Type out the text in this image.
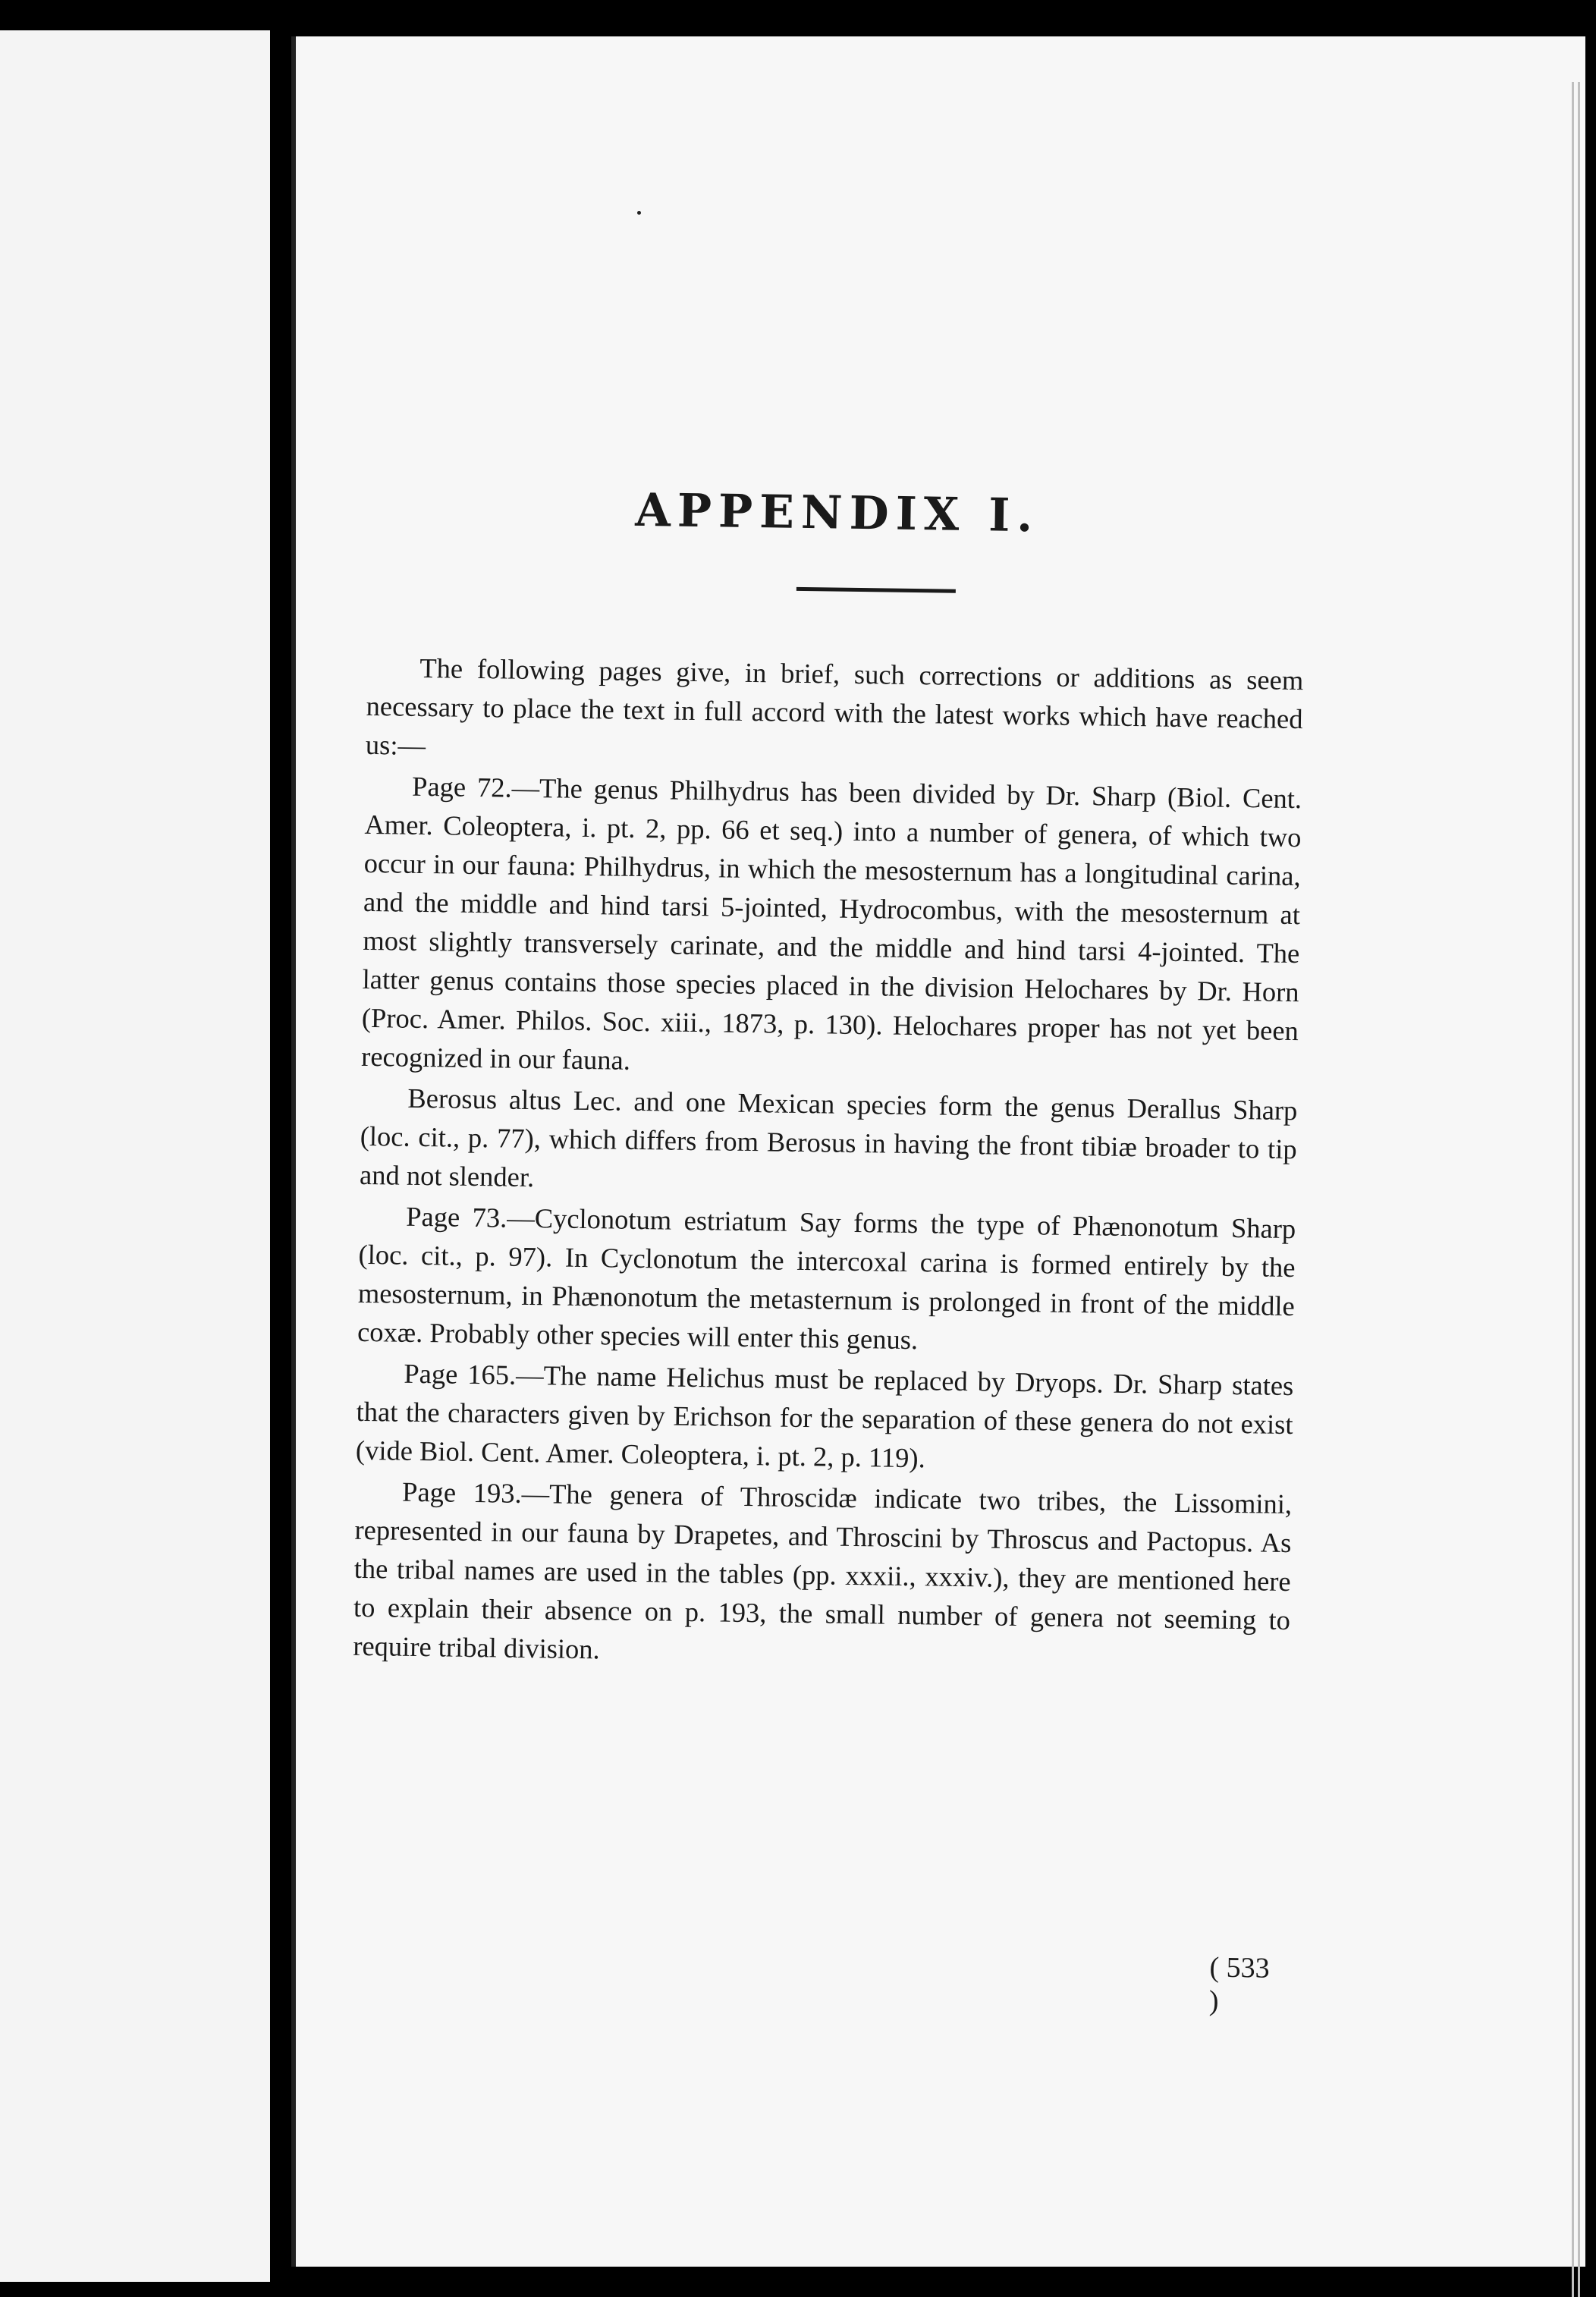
APPENDIX I.

The following pages give, in brief, such corrections or additions as seem necessary to place the text in full accord with the latest works which have reached us:—

Page 72.—The genus Philhydrus has been divided by Dr. Sharp (Biol. Cent. Amer. Coleoptera, i. pt. 2, pp. 66 et seq.) into a number of genera, of which two occur in our fauna: Philhydrus, in which the mesosternum has a longitudinal carina, and the middle and hind tarsi 5-jointed, Hydrocombus, with the mesosternum at most slightly transversely carinate, and the middle and hind tarsi 4-jointed. The latter genus contains those species placed in the division Helochares by Dr. Horn (Proc. Amer. Philos. Soc. xiii., 1873, p. 130). Helochares proper has not yet been recognized in our fauna.

Berosus altus Lec. and one Mexican species form the genus Derallus Sharp (loc. cit., p. 77), which differs from Berosus in having the front tibiæ broader to tip and not slender.

Page 73.—Cyclonotum estriatum Say forms the type of Phænonotum Sharp (loc. cit., p. 97). In Cyclonotum the intercoxal carina is formed entirely by the mesosternum, in Phænonotum the metasternum is prolonged in front of the middle coxæ. Probably other species will enter this genus.

Page 165.—The name Helichus must be replaced by Dryops. Dr. Sharp states that the characters given by Erichson for the separation of these genera do not exist (vide Biol. Cent. Amer. Coleoptera, i. pt. 2, p. 119).

Page 193.—The genera of Throscidæ indicate two tribes, the Lissomini, represented in our fauna by Drapetes, and Throscini by Throscus and Pactopus. As the tribal names are used in the tables (pp. xxxii., xxxiv.), they are mentioned here to explain their absence on p. 193, the small number of genera not seeming to require tribal division.

( 533 )
